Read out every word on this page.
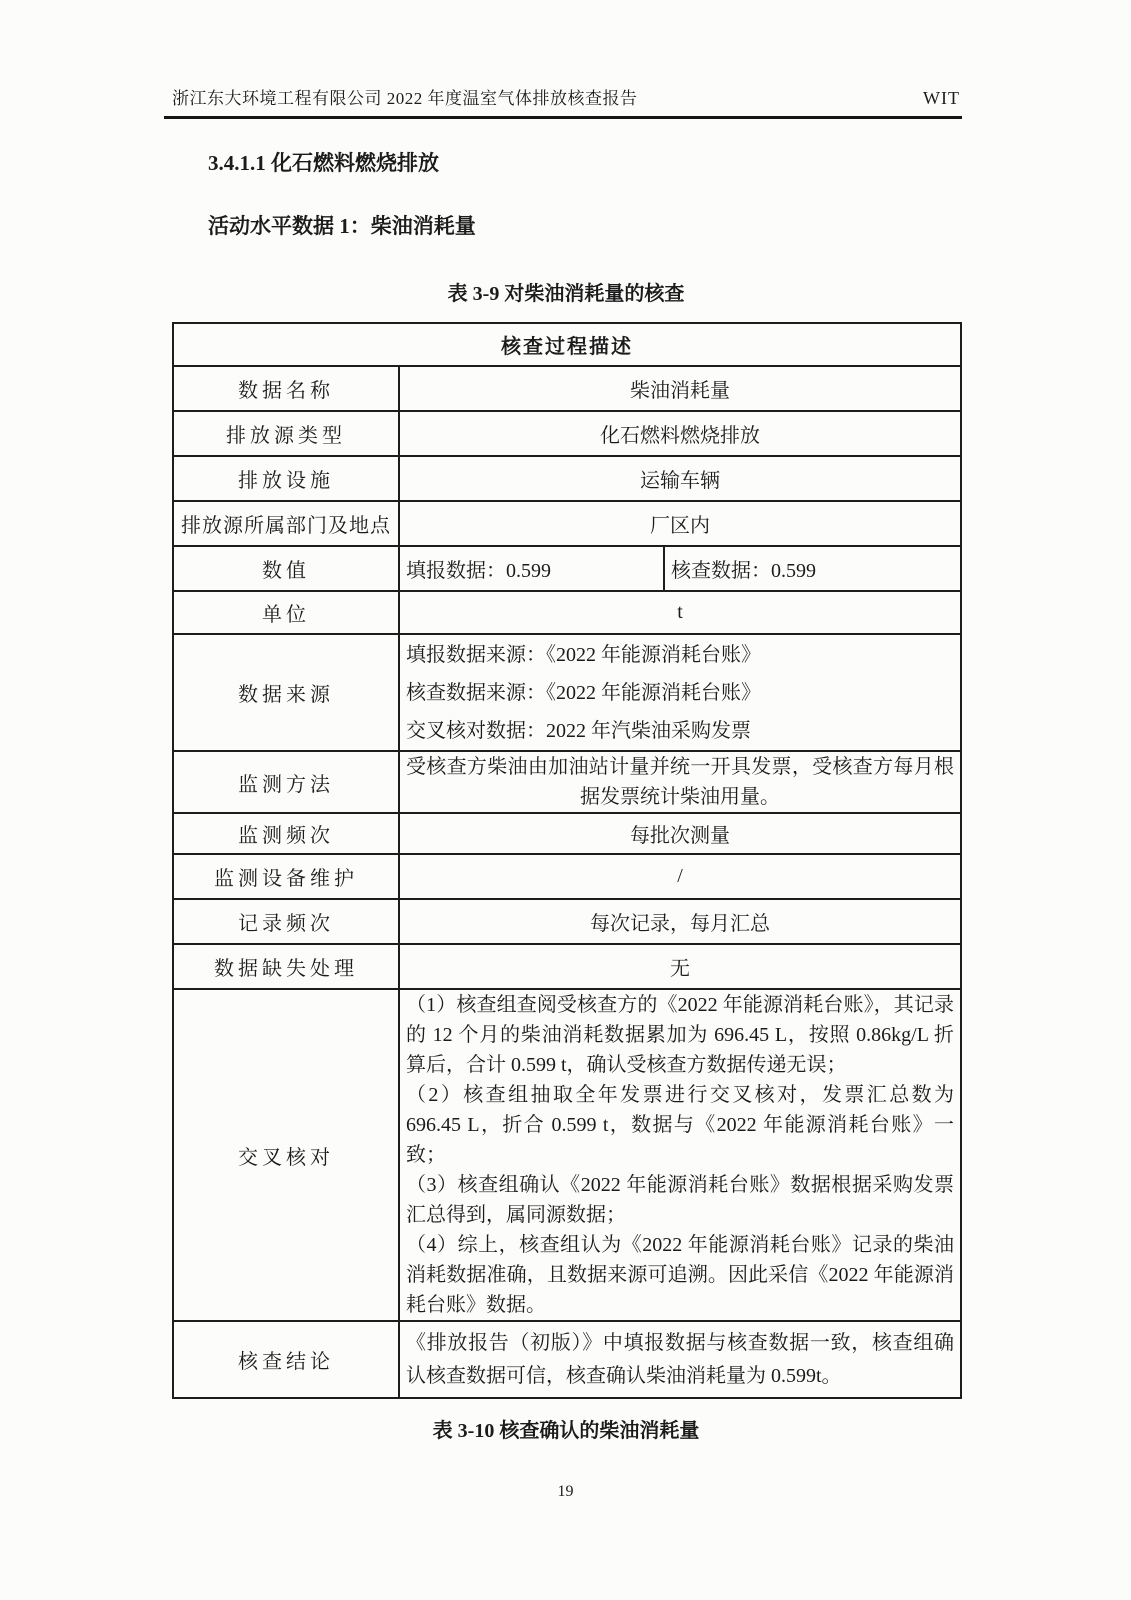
浙江东大环境工程有限公司 2022 年度温室气体排放核查报告	WIT
3.4.1.1 化石燃料燃烧排放
活动水平数据 1：柴油消耗量
表 3-9 对柴油消耗量的核查
核查过程描述		
数据名称	柴油消耗量	
排放源类型	化石燃料燃烧排放	
排放设施	运输车辆	
排放源所属部门及地点	厂区内	
数值	填报数据：0.599	核查数据：0.599
单位	t	
数据来源	填报数据来源：《2022 年能源消耗台账》
核查数据来源：《2022 年能源消耗台账》
交叉核对数据：2022 年汽柴油采购发票	

监测方法	受核查方柴油由加油站计量并统一开具发票，受核查方每月根据发票统计柴油用量。	
监测频次	每批次测量	
监测设备维护	/	
记录频次	每次记录，每月汇总	
数据缺失处理	无	
交叉核对	（1）核查组查阅受核查方的《2022 年能源消耗台账》，其记录的 12 个月的柴油消耗数据累加为 696.45 L，按照 0.86kg/L 折算后，合计 0.599 t，确认受核查方数据传递无误；
（2）核查组抽取全年发票进行交叉核对，发票汇总数为 696.45 L，折合 0.599 t，数据与《2022 年能源消耗台账》一致；
（3）核查组确认《2022 年能源消耗台账》数据根据采购发票汇总得到，属同源数据；
（4）综上，核查组认为《2022 年能源消耗台账》记录的柴油消耗数据准确，且数据来源可追溯。因此采信《2022 年能源消耗台账》数据。	

核查结论	《排放报告（初版）》中填报数据与核查数据一致，核查组确认核查数据可信，核查确认柴油消耗量为 0.599t。	
表 3-10 核查确认的柴油消耗量
19
